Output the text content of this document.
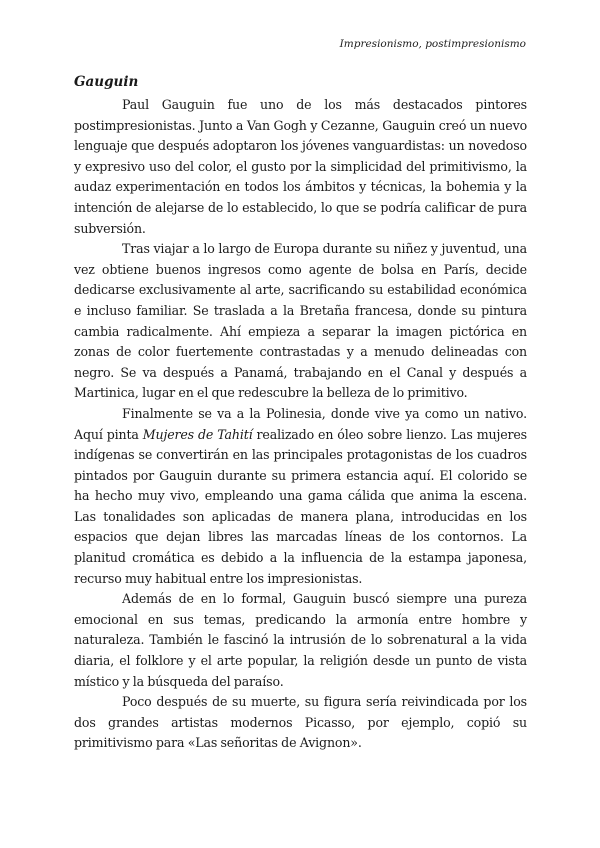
Impresionismo, postimpresionismo
Gauguin

Paul Gauguin fue uno de los más destacados pintores postimpresionistas. Junto a Van Gogh y Cezanne, Gauguin creó un nuevo lenguaje que después adoptaron los jóvenes vanguardistas: un novedoso y expresivo uso del color, el gusto por la simplicidad del primitivismo, la audaz experimentación en todos los ámbitos y técnicas, la bohemia y la intención de alejarse de lo establecido, lo que se podría calificar de pura subversión.

Tras viajar a lo largo de Europa durante su niñez y juventud, una vez obtiene buenos ingresos como agente de bolsa en París, decide dedicarse exclusivamente al arte, sacrificando su estabilidad económica e incluso familiar. Se traslada a la Bretaña francesa, donde su pintura cambia radicalmente. Ahí empieza a separar la imagen pictórica en zonas de color fuertemente contrastadas y a menudo delineadas con negro. Se va después a Panamá, trabajando en el Canal y después a Martinica, lugar en el que redescubre la belleza de lo primitivo.

Finalmente se va a la Polinesia, donde vive ya como un nativo. Aquí pinta Mujeres de Tahití realizado en óleo sobre lienzo. Las mujeres indígenas se convertirán en las principales protagonistas de los cuadros pintados por Gauguin durante su primera estancia aquí. El colorido se ha hecho muy vivo, empleando una gama cálida que anima la escena. Las tonalidades son aplicadas de manera plana, introducidas en los espacios que dejan libres las marcadas líneas de los contornos. La planitud cromática es debido a la influencia de la estampa japonesa, recurso muy habitual entre los impresionistas.

Además de en lo formal, Gauguin buscó siempre una pureza emocional en sus temas, predicando la armonía entre hombre y naturaleza. También le fascinó la intrusión de lo sobrenatural a la vida diaria, el folklore y el arte popular, la religión desde un punto de vista místico y la búsqueda del paraíso.

Poco después de su muerte, su figura sería reivindicada por los dos grandes artistas modernos Picasso, por ejemplo, copió su primitivismo para «Las señoritas de Avignon».
